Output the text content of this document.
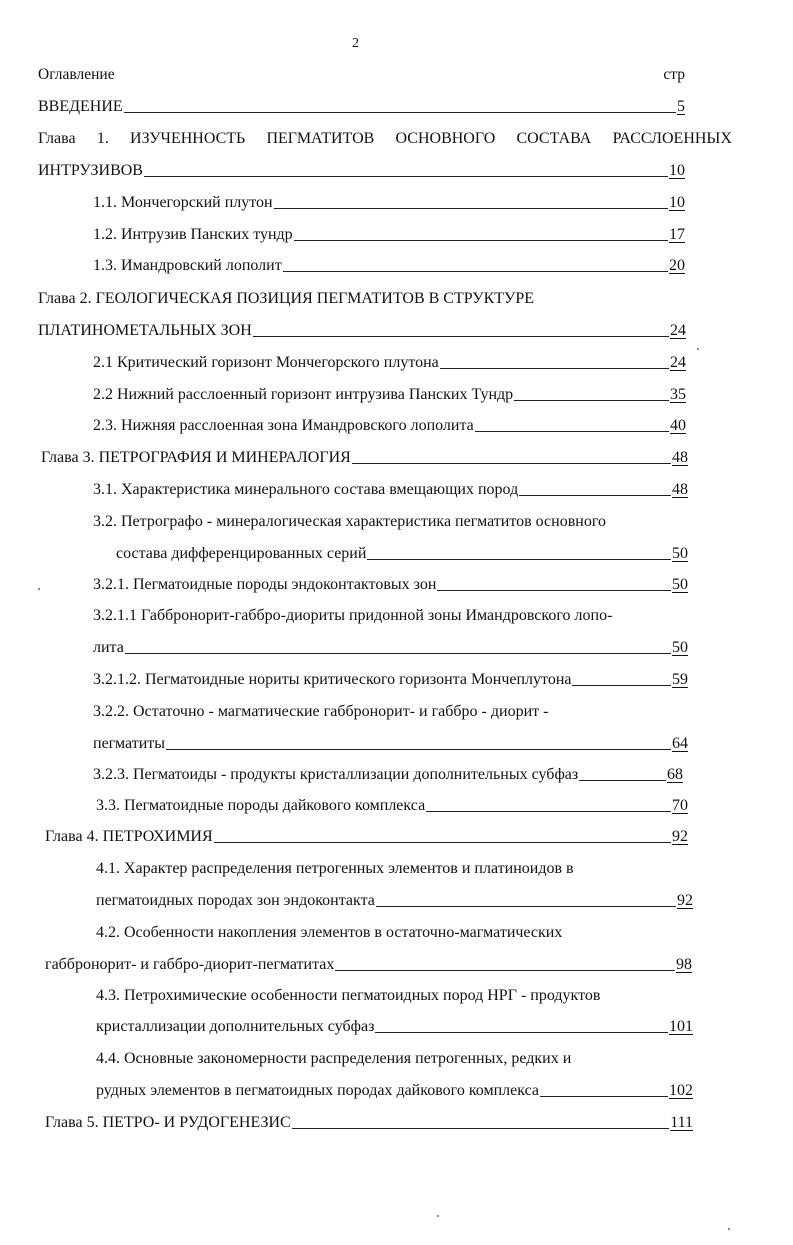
2
Оглавление	стр
ВВЕДЕНИЕ	5
Глава 1. ИЗУЧЕННОСТЬ ПЕГМАТИТОВ ОСНОВНОГО СОСТАВА РАССЛОЕННЫХ
ИНТРУЗИВОВ	10
1.1. Мончегорский плутон	10
1.2. Интрузив Панских тундр	17
1.3. Имандровский лополит	20
Глава 2. ГЕОЛОГИЧЕСКАЯ ПОЗИЦИЯ ПЕГМАТИТОВ В СТРУКТУРЕ
ПЛАТИНОМЕТАЛЬНЫХ ЗОН	24
2.1 Критический горизонт Мончегорского плутона	24
2.2 Нижний расслоенный горизонт интрузива Панских Тундр	35
2.3. Нижняя расслоенная зона Имандровского лополита	40
Глава 3. ПЕТРОГРАФИЯ И МИНЕРАЛОГИЯ	48
3.1. Характеристика минерального состава вмещающих пород	48
3.2. Петрографо - минералогическая характеристика пегматитов основного
состава дифференцированных серий	50
3.2.1. Пегматоидные породы эндоконтактовых зон	50
3.2.1.1 Габбронорит-габбро-диориты придонной зоны Имандровского лопо-
лита	50
3.2.1.2. Пегматоидные нориты критического горизонта Мончеплутона	59
3.2.2. Остаточно - магматические габбронорит- и габбро - диорит -
пегматиты	64
3.2.3. Пегматоиды - продукты кристаллизации дополнительных субфаз	68
3.3. Пегматоидные породы дайкового комплекса	70
Глава 4. ПЕТРОХИМИЯ	92
4.1. Характер распределения петрогенных элементов и платиноидов в
пегматоидных породах зон эндоконтакта	92
4.2. Особенности накопления элементов в остаточно-магматических
габбронорит- и габбро-диорит-пегматитах	98
4.3. Петрохимические особенности пегматоидных пород НРГ - продуктов
кристаллизации дополнительных субфаз	101
4.4. Основные закономерности распределения петрогенных, редких и
рудных элементов в пегматоидных породах дайкового комплекса	102
Глава 5. ПЕТРО- И РУДОГЕНЕЗИС	111
